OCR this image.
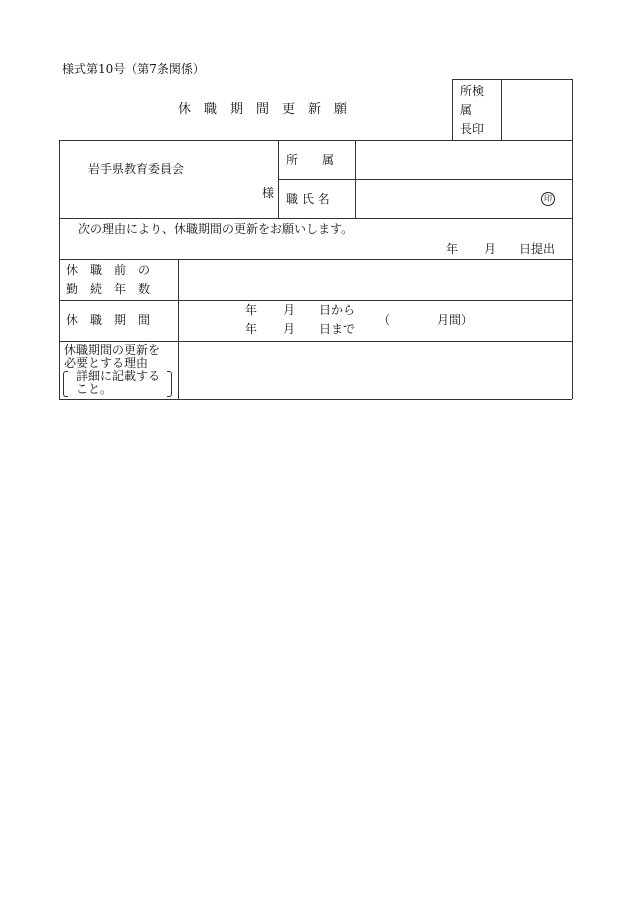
様式第10号（第7条関係）
休　職　期　間　更　新　願
所検
属
長印
岩手県教育委員会
様
所　　属
職 氏 名	印
次の理由により、休職期間の更新をお願いします。
年 月 日提出
休　職　前　の
勤　続　年　数
休　職　期　間
年 月 日から
年 月 日まで
（	月間）
休職期間の更新を
必要とする理由
詳細に記載する
こと。
